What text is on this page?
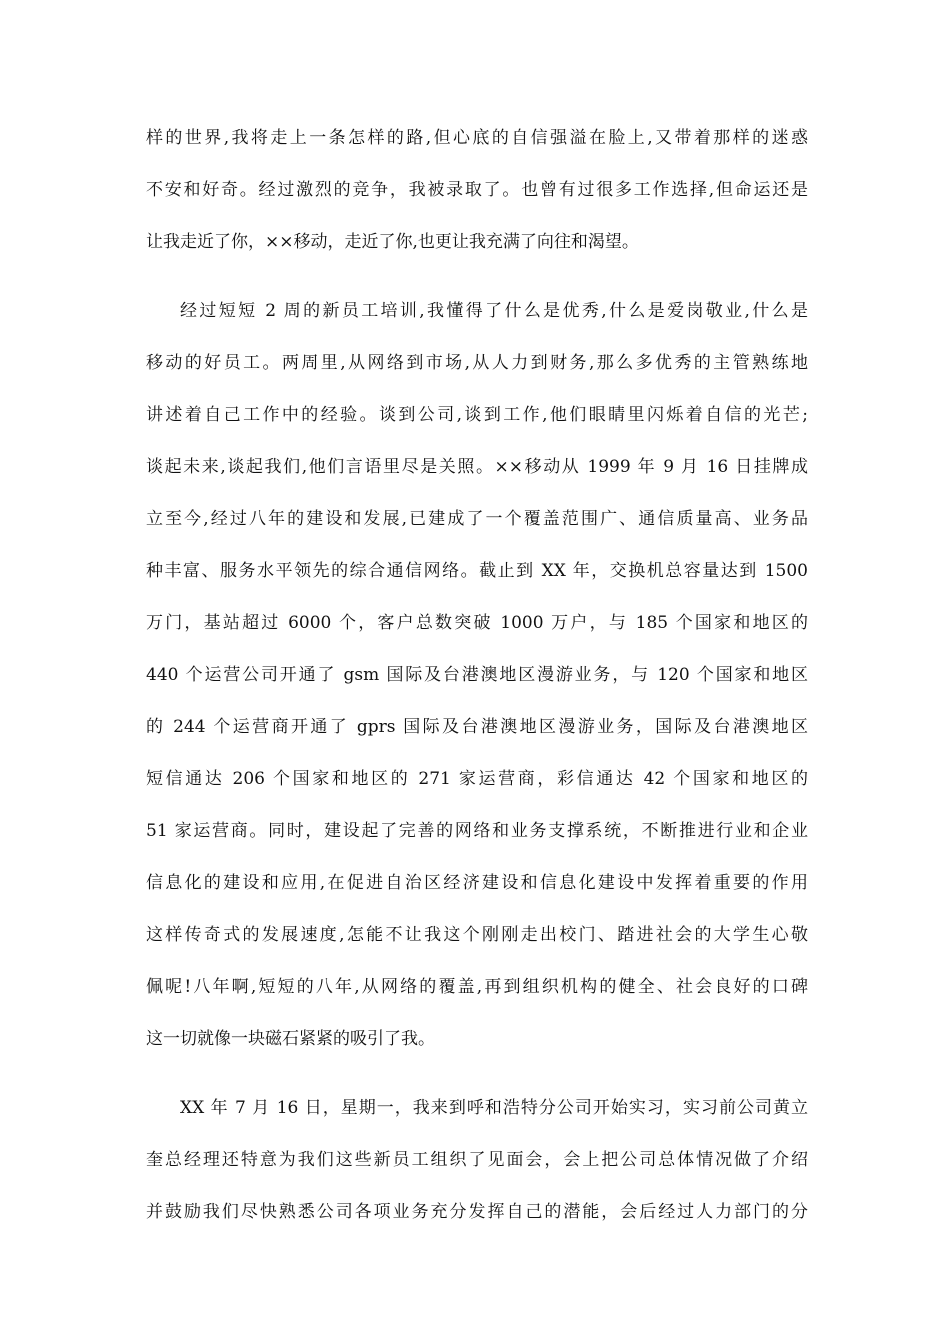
样的世界,我将走上一条怎样的路,但心底的自信强溢在脸上,又带着那样的迷惑
不安和好奇。经过激烈的竞争，我被录取了。也曾有过很多工作选择,但命运还是
让我走近了你，××移动，走近了你,也更让我充满了向往和渴望。
经过短短 2 周的新员工培训,我懂得了什么是优秀,什么是爱岗敬业,什么是
移动的好员工。两周里,从网络到市场,从人力到财务,那么多优秀的主管熟练地
讲述着自己工作中的经验。谈到公司,谈到工作,他们眼睛里闪烁着自信的光芒;
谈起未来,谈起我们,他们言语里尽是关照。××移动从 1999 年 9 月 16 日挂牌成
立至今,经过八年的建设和发展,已建成了一个覆盖范围广、通信质量高、业务品
种丰富、服务水平领先的综合通信网络。截止到 XX 年，交换机总容量达到 1500
万门，基站超过 6000 个，客户总数突破 1000 万户，与 185 个国家和地区的
440 个运营公司开通了 gsm 国际及台港澳地区漫游业务，与 120 个国家和地区
的 244 个运营商开通了 gprs 国际及台港澳地区漫游业务，国际及台港澳地区
短信通达 206 个国家和地区的 271 家运营商，彩信通达 42 个国家和地区的
51 家运营商。同时，建设起了完善的网络和业务支撑系统，不断推进行业和企业
信息化的建设和应用,在促进自治区经济建设和信息化建设中发挥着重要的作用
这样传奇式的发展速度,怎能不让我这个刚刚走出校门、踏进社会的大学生心敬
佩呢!八年啊,短短的八年,从网络的覆盖,再到组织机构的健全、社会良好的口碑
这一切就像一块磁石紧紧的吸引了我。
XX 年 7 月 16 日，星期一，我来到呼和浩特分公司开始实习，实习前公司黄立
奎总经理还特意为我们这些新员工组织了见面会，会上把公司总体情况做了介绍
并鼓励我们尽快熟悉公司各项业务充分发挥自己的潜能，会后经过人力部门的分
